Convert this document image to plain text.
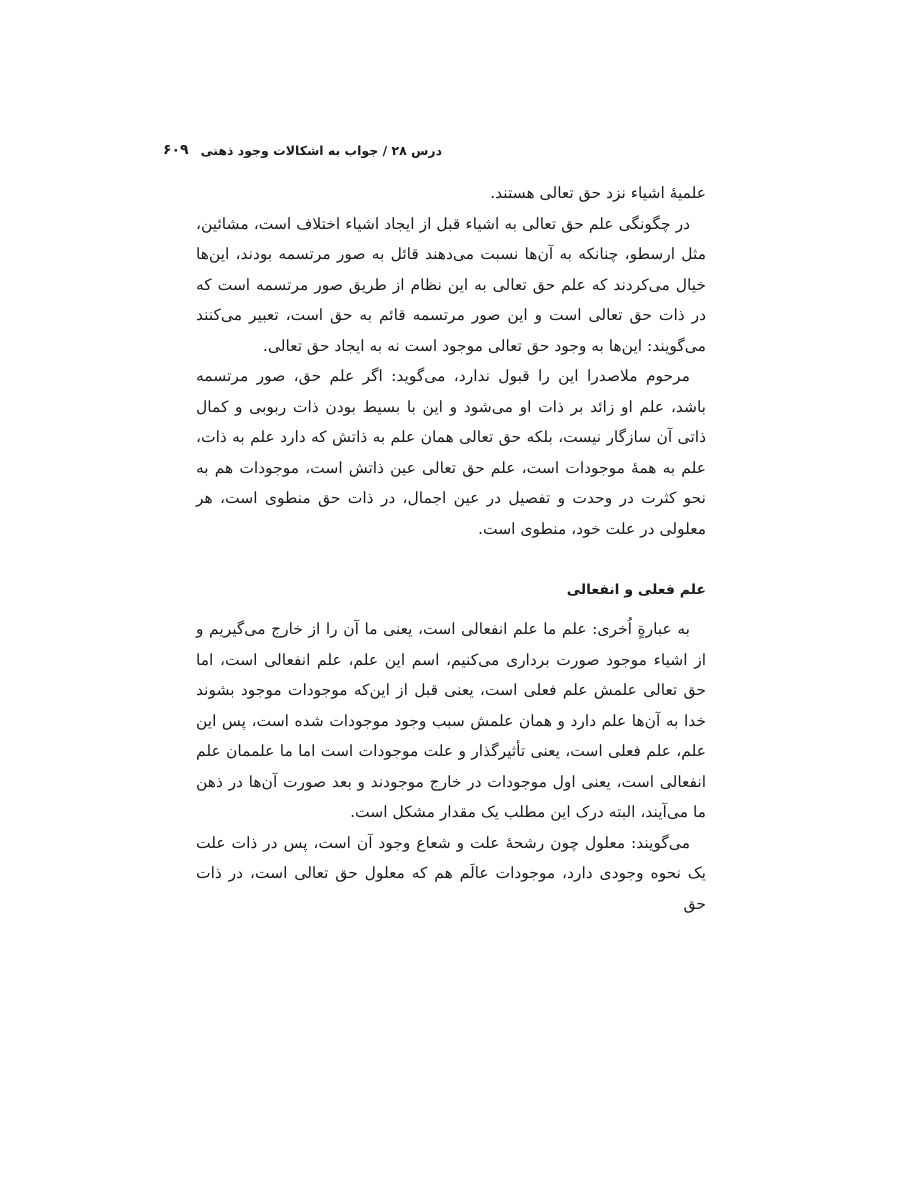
درس ۲۸ / جواب به اشکالات وجود ذهنی
۶۰۹

علمیهٔ اشیاء نزد حق تعالی هستند.

در چگونگی علم حق تعالی به اشیاء قبل از ایجاد اشیاء اختلاف است، مشائین، مثل ارسطو، چنانکه به آن‌ها نسبت می‌دهند قائل به صور مرتسمه بودند، این‌ها خیال می‌کردند که علم حق تعالی به این نظام از طریق صور مرتسمه است که در ذات حق تعالی است و این صور مرتسمه قائم به حق است، تعبیر می‌کنند می‌گویند: این‌ها به وجود حق تعالی موجود است نه به ایجاد حق تعالی.

مرحوم ملاصدرا این را قبول ندارد، می‌گوید: اگر علم حق، صور مرتسمه باشد، علم او زائد بر ذات او می‌شود و این با بسیط بودن ذات ربوبی و کمال ذاتی آن سازگار نیست، بلکه حق تعالی همان علم به ذاتش که دارد علم به ذات، علم به همهٔ موجودات است، علم حق تعالی عین ذاتش است، موجودات هم به نحو کثرت در وحدت و تفصیل در عین اجمال، در ذات حق منطوی است، هر معلولی در علت خود، منطوی است.

علم فعلی و انفعالی

به عبارةٍ اُخری: علم ما علم انفعالی است، یعنی ما آن را از خارج می‌گیریم و از اشیاء موجود صورت برداری می‌کنیم، اسم این علم، علم انفعالی است، اما حق تعالی علمش علم فعلی است، یعنی قبل از این‌که موجودات موجود بشوند خدا به آن‌ها علم دارد و همان علمش سبب وجود موجودات شده است، پس این علم، علم فعلی است، یعنی تأثیرگذار و علت موجودات است اما ما علممان علم انفعالی است، یعنی اول موجودات در خارج موجودند و بعد صورت آن‌ها در ذهن ما می‌آیند، البته درک این مطلب یک مقدار مشکل است.

می‌گویند: معلول چون رشحهٔ علت و شعاع وجود آن است، پس در ذات علت یک نحوه وجودی دارد، موجودات عالَم هم که معلول حق تعالی است، در ذات حق
